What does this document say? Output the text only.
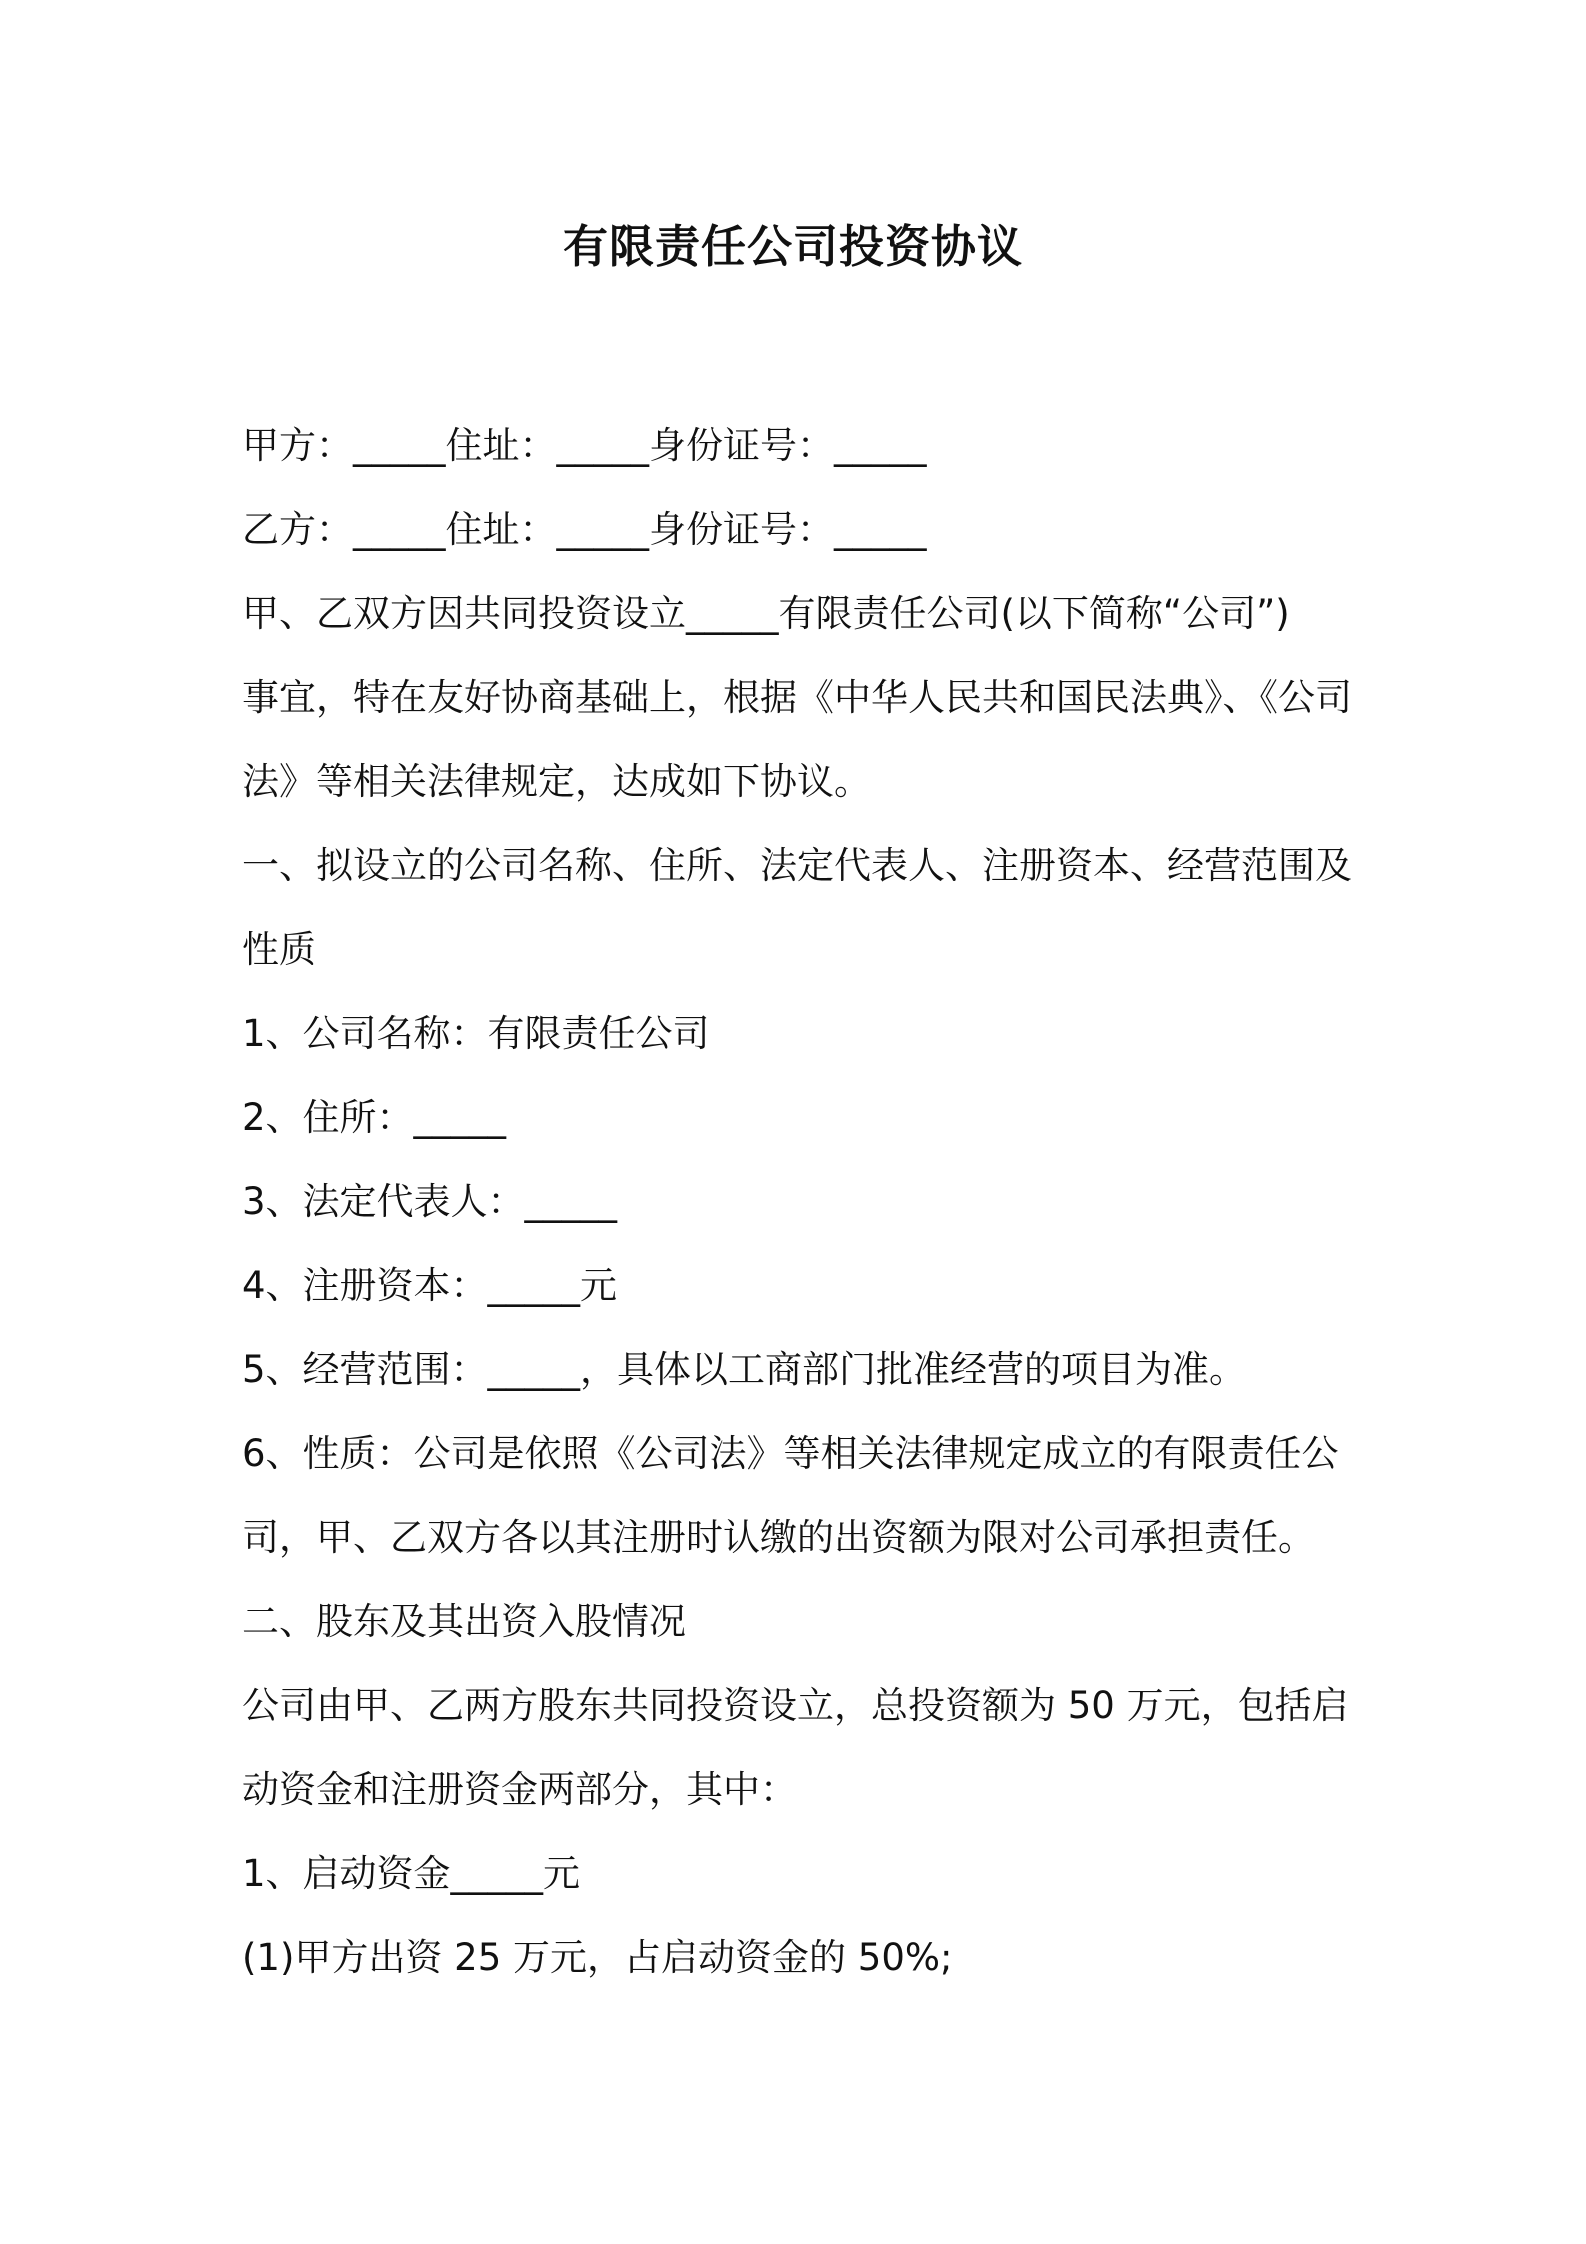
有限责任公司投资协议
甲方：_____住址：_____身份证号：_____
乙方：_____住址：_____身份证号：_____
甲、乙双方因共同投资设立_____有限责任公司(以下简称“公司”)
事宜，特在友好协商基础上，根据《中华人民共和国民法典》、《公司
法》等相关法律规定，达成如下协议。
一、拟设立的公司名称、住所、法定代表人、注册资本、经营范围及
性质
1、公司名称：有限责任公司
2、住所：_____
3、法定代表人：_____
4、注册资本：_____元
5、经营范围：_____，具体以工商部门批准经营的项目为准。
6、性质：公司是依照《公司法》等相关法律规定成立的有限责任公
司，甲、乙双方各以其注册时认缴的出资额为限对公司承担责任。
二、股东及其出资入股情况
公司由甲、乙两方股东共同投资设立，总投资额为 50 万元，包括启
动资金和注册资金两部分，其中：
1、启动资金_____元
(1)甲方出资 25 万元，占启动资金的 50%;
